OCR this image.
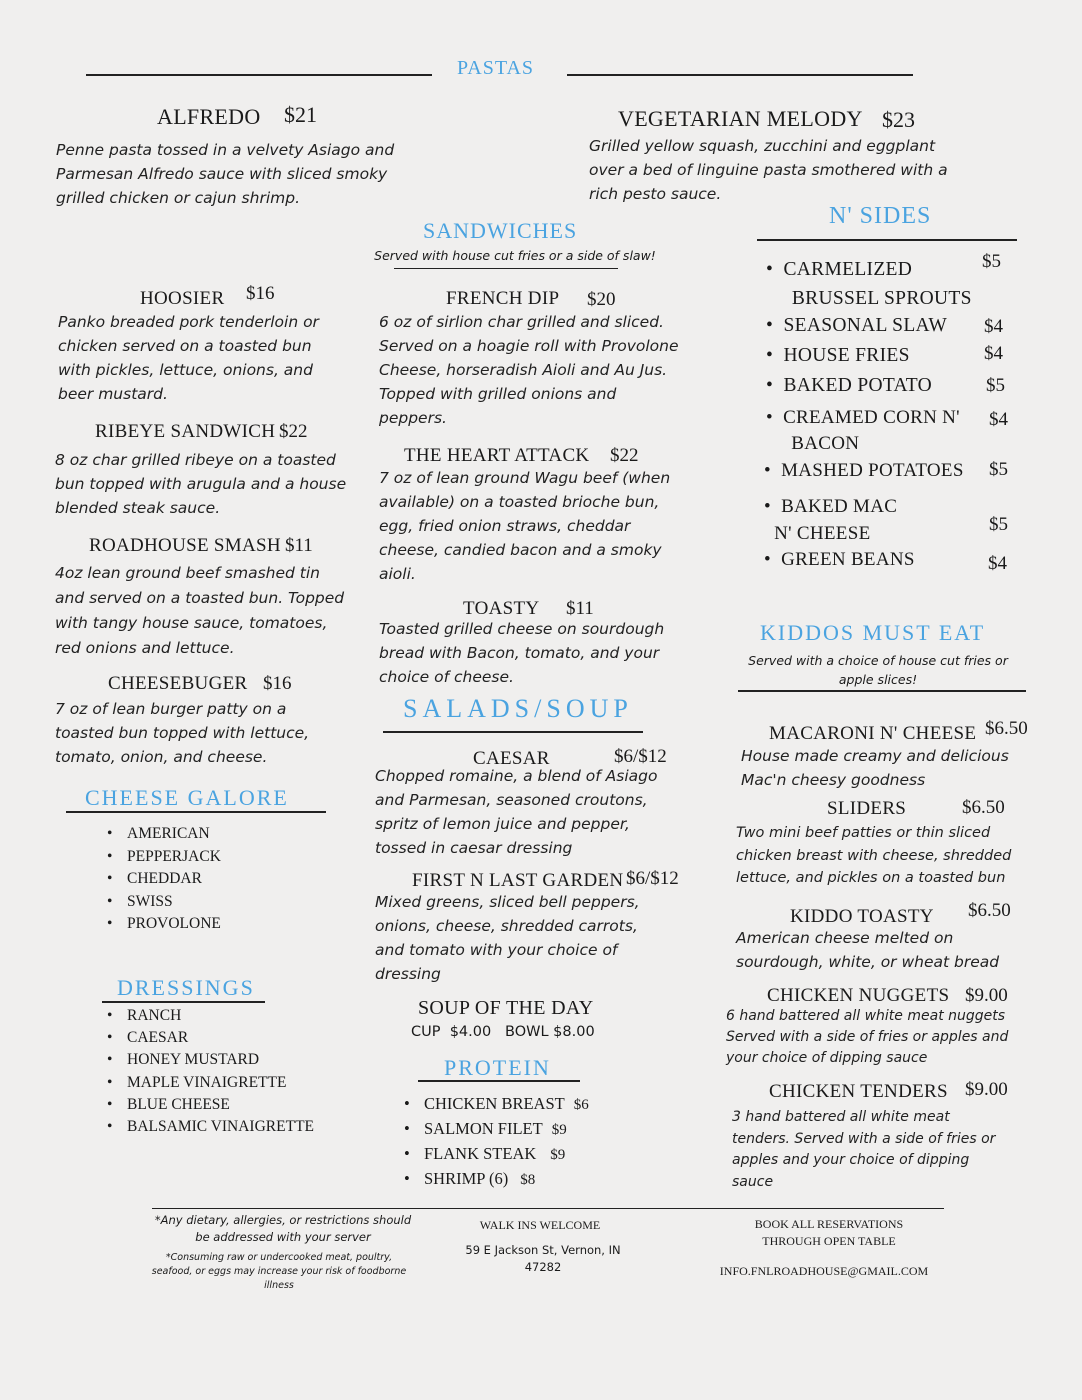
PASTAS
ALFREDO $21
Penne pasta tossed in a velvety Asiago and Parmesan Alfredo sauce with sliced smoky grilled chicken or cajun shrimp.
VEGETARIAN MELODY $23
Grilled yellow squash, zucchini and eggplant over a bed of linguine pasta smothered with a rich pesto sauce.
SANDWICHES
Served with house cut fries or a side of slaw!
HOOSIER $16
Panko breaded pork tenderloin or chicken served on a toasted bun with pickles, lettuce, onions, and beer mustard.
RIBEYE SANDWICH $22
8 oz char grilled ribeye on a toasted bun topped with arugula and a house blended steak sauce.
ROADHOUSE SMASH $11
4oz lean ground beef smashed tin and served on a toasted bun. Topped with tangy house sauce, tomatoes, red onions and lettuce.
CHEESEBUGER $16
7 oz of lean burger patty on a toasted bun topped with lettuce, tomato, onion, and cheese.
FRENCH DIP $20
6 oz of sirlion char grilled and sliced. Served on a hoagie roll with Provolone Cheese, horseradish Aioli and Au Jus. Topped with grilled onions and peppers.
THE HEART ATTACK $22
7 oz of lean ground Wagu beef (when available) on a toasted brioche bun, egg, fried onion straws, cheddar cheese, candied bacon and a smoky aioli.
TOASTY $11
Toasted grilled cheese on sourdough bread with Bacon, tomato, and your choice of cheese.
CHEESE GALORE
• AMERICAN
• PEPPERJACK
• CHEDDAR
• SWISS
• PROVOLONE
DRESSINGS
• RANCH
• CAESAR
• HONEY MUSTARD
• MAPLE VINAIGRETTE
• BLUE CHEESE
• BALSAMIC VINAIGRETTE
SALADS/SOUP
CAESAR	$6/$12
Chopped romaine, a blend of Asiago and Parmesan, seasoned croutons, spritz of lemon juice and pepper, tossed in caesar dressing
FIRST N LAST GARDEN $6/$12
Mixed greens, sliced bell peppers, onions, cheese, shredded carrots, and tomato with your choice of dressing
SOUP OF THE DAY
CUP  $4.00   BOWL $8.00
PROTEIN
• CHICKEN BREAST $6
• SALMON FILET $9
• FLANK STEAK $9
• SHRIMP (6) $8
N' SIDES
•  CARMELIZED
BRUSSEL SPROUTS
$5
•  SEASONAL SLAW $4
•  HOUSE FRIES	$4
•  BAKED POTATO	$5
•  CREAMED CORN N'
BACON
$4
•  MASHED POTATOES $5
•  BAKED MAC
N' CHEESE	$5
•  GREEN BEANS	$4
KIDDOS MUST EAT
Served with a choice of house cut fries or apple slices!
MACARONI N' CHEESE $6.50
House made creamy and delicious Mac'n cheesy goodness
SLIDERS	$6.50
Two mini beef patties or thin sliced chicken breast with cheese, shredded lettuce, and pickles on a toasted bun
KIDDO TOASTY $6.50
American cheese melted on sourdough, white, or wheat bread
CHICKEN NUGGETS $9.00
6 hand battered all white meat nuggets Served with a side of fries or apples and your choice of dipping sauce
CHICKEN TENDERS $9.00
3 hand battered all white meat tenders. Served with a side of fries or apples and your choice of dipping sauce
*Any dietary, allergies, or restrictions should be addressed with your server
*Consuming raw or undercooked meat, poultry, seafood, or eggs may increase your risk of foodborne illness
WALK INS WELCOME
59 E Jackson St, Vernon, IN 47282
BOOK ALL RESERVATIONS THROUGH OPEN TABLE
INFO.FNLROADHOUSE@GMAIL.COM
